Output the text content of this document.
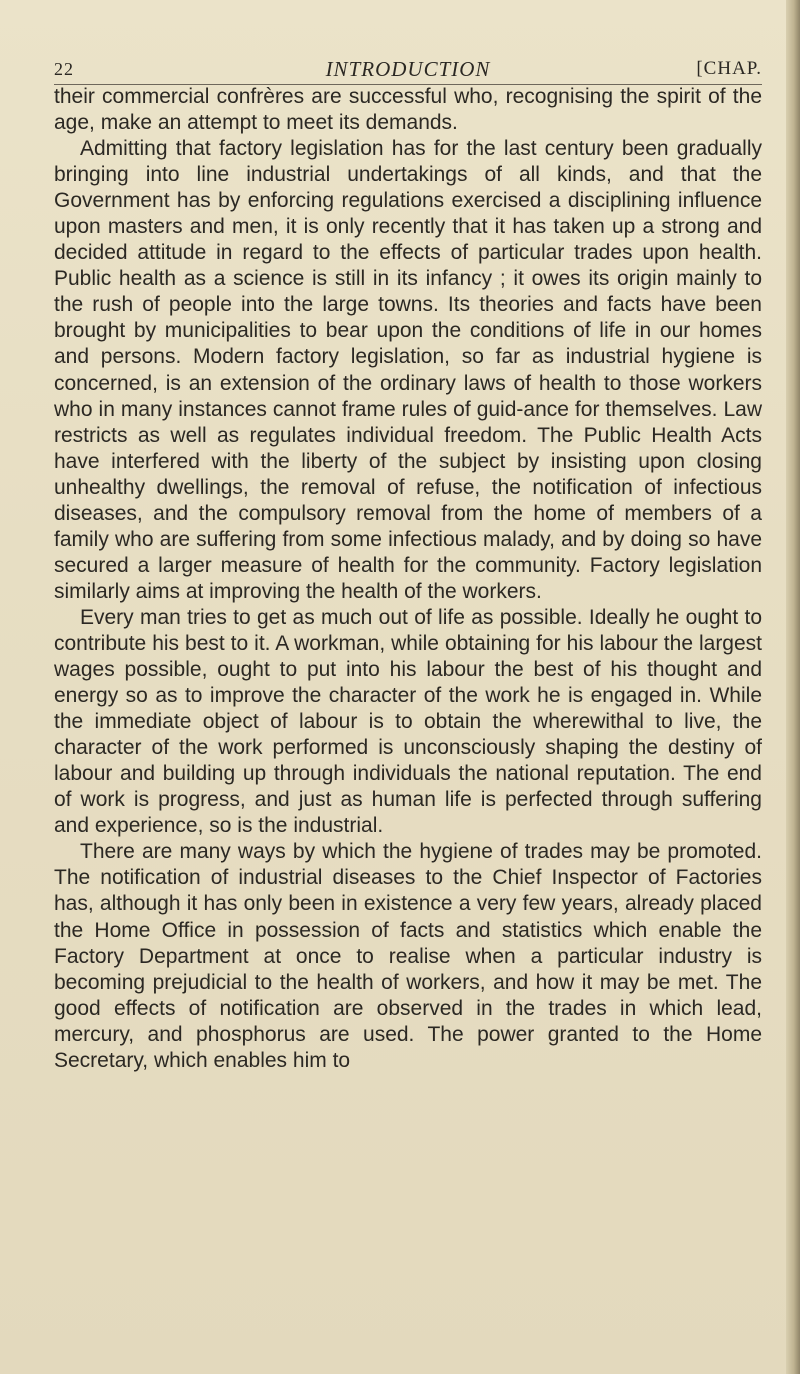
22	INTRODUCTION	[CHAP.

their commercial confrères are successful who, recognising the spirit of the age, make an attempt to meet its demands.

Admitting that factory legislation has for the last century been gradually bringing into line industrial undertakings of all kinds, and that the Government has by enforcing regulations exercised a disciplining influence upon masters and men, it is only recently that it has taken up a strong and decided attitude in regard to the effects of particular trades upon health. Public health as a science is still in its infancy ; it owes its origin mainly to the rush of people into the large towns. Its theories and facts have been brought by municipalities to bear upon the conditions of life in our homes and persons. Modern factory legislation, so far as industrial hygiene is concerned, is an extension of the ordinary laws of health to those workers who in many instances cannot frame rules of guid-ance for themselves. Law restricts as well as regulates individual freedom. The Public Health Acts have interfered with the liberty of the subject by insisting upon closing unhealthy dwellings, the removal of refuse, the notification of infectious diseases, and the compulsory removal from the home of members of a family who are suffering from some infectious malady, and by doing so have secured a larger measure of health for the community. Factory legislation similarly aims at improving the health of the workers.

Every man tries to get as much out of life as possible. Ideally he ought to contribute his best to it. A workman, while obtaining for his labour the largest wages possible, ought to put into his labour the best of his thought and energy so as to improve the character of the work he is engaged in. While the immediate object of labour is to obtain the wherewithal to live, the character of the work performed is unconsciously shaping the destiny of labour and building up through individuals the national reputation. The end of work is progress, and just as human life is perfected through suffering and experience, so is the industrial.

There are many ways by which the hygiene of trades may be promoted. The notification of industrial diseases to the Chief Inspector of Factories has, although it has only been in existence a very few years, already placed the Home Office in possession of facts and statistics which enable the Factory Department at once to realise when a particular industry is becoming prejudicial to the health of workers, and how it may be met. The good effects of notification are observed in the trades in which lead, mercury, and phosphorus are used. The power granted to the Home Secretary, which enables him to
